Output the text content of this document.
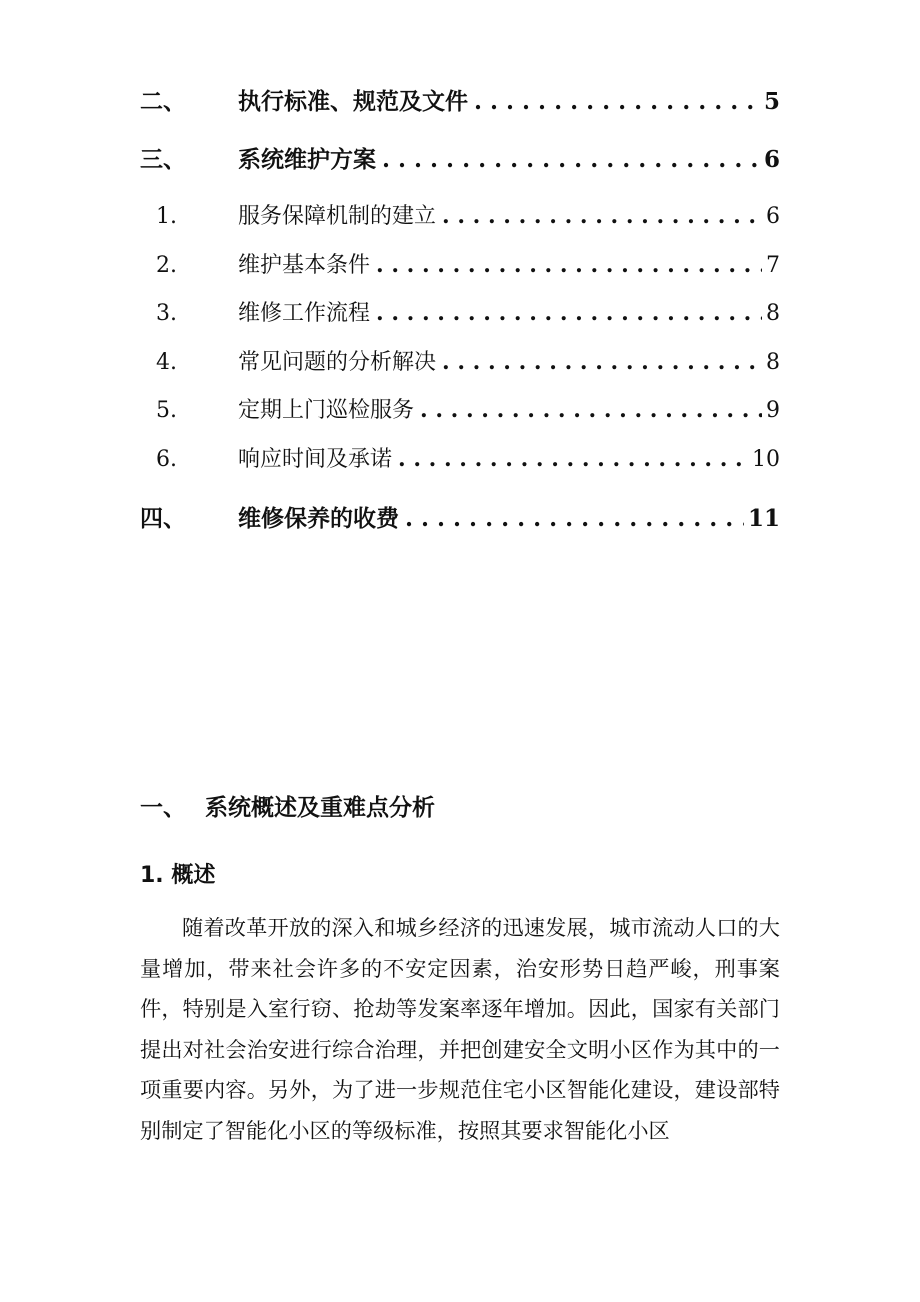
二、	执行标准、规范及文件 . . .	5
三、	系统维护方案 . . .	6
1.	服务保障机制的建立 . . .	6
2.	维护基本条件 . . .	7
3.	维修工作流程 . . .	8
4.	常见问题的分析解决 . . .	8
5.	定期上门巡检服务 . . .	9
6.	响应时间及承诺 . . .	10
四、	维修保养的收费 . . .	11
一、 系统概述及重难点分析
1. 概述
随着改革开放的深入和城乡经济的迅速发展，城市流动人口的大量增加，带来社会许多的不安定因素，治安形势日趋严峻，刑事案件，特别是入室行窃、抢劫等发案率逐年增加。因此，国家有关部门提出对社会治安进行综合治理，并把创建安全文明小区作为其中的一项重要内容。另外，为了进一步规范住宅小区智能化建设，建设部特别制定了智能化小区的等级标准，按照其要求智能化小区
